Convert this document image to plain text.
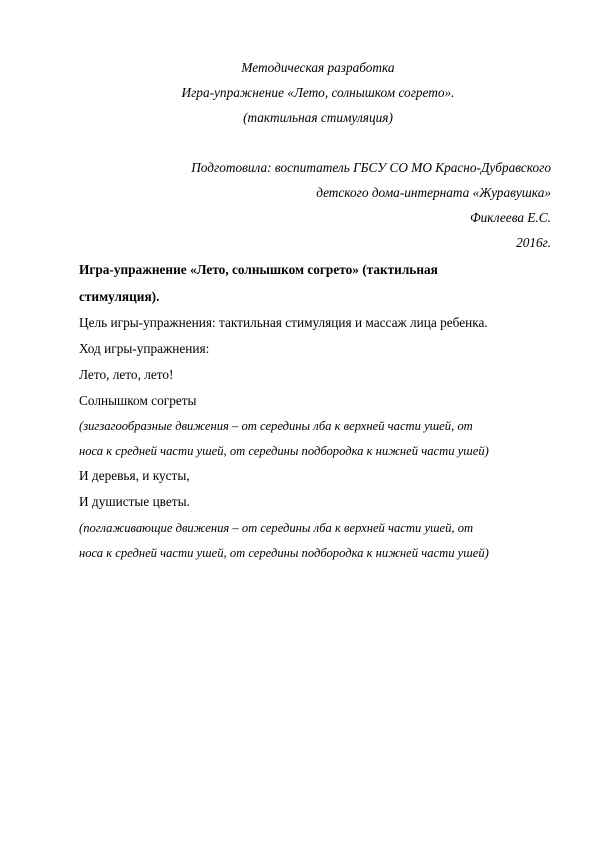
Методическая разработка
Игра-упражнение «Лето, солнышком согрето».
(тактильная стимуляция)
Подготовила: воспитатель ГБСУ СО МО Красно-Дубравского
детского дома-интерната «Журавушка»
Фиклеева Е.С.
2016г.
Игра-упражнение «Лето, солнышком согрето» (тактильная
стимуляция).
Цель игры-упражнения: тактильная стимуляция и массаж лица ребенка.
Ход игры-упражнения:
Лето, лето, лето!
Солнышком согреты
(зигзагообразные движения – от середины лба к верхней части ушей, от
носа к средней части ушей, от середины подбородка к нижней части ушей)
И деревья, и кусты,
И душистые цветы.
(поглаживающие движения – от середины лба к верхней части ушей, от
носа к средней части ушей, от середины подбородка к нижней части ушей)
